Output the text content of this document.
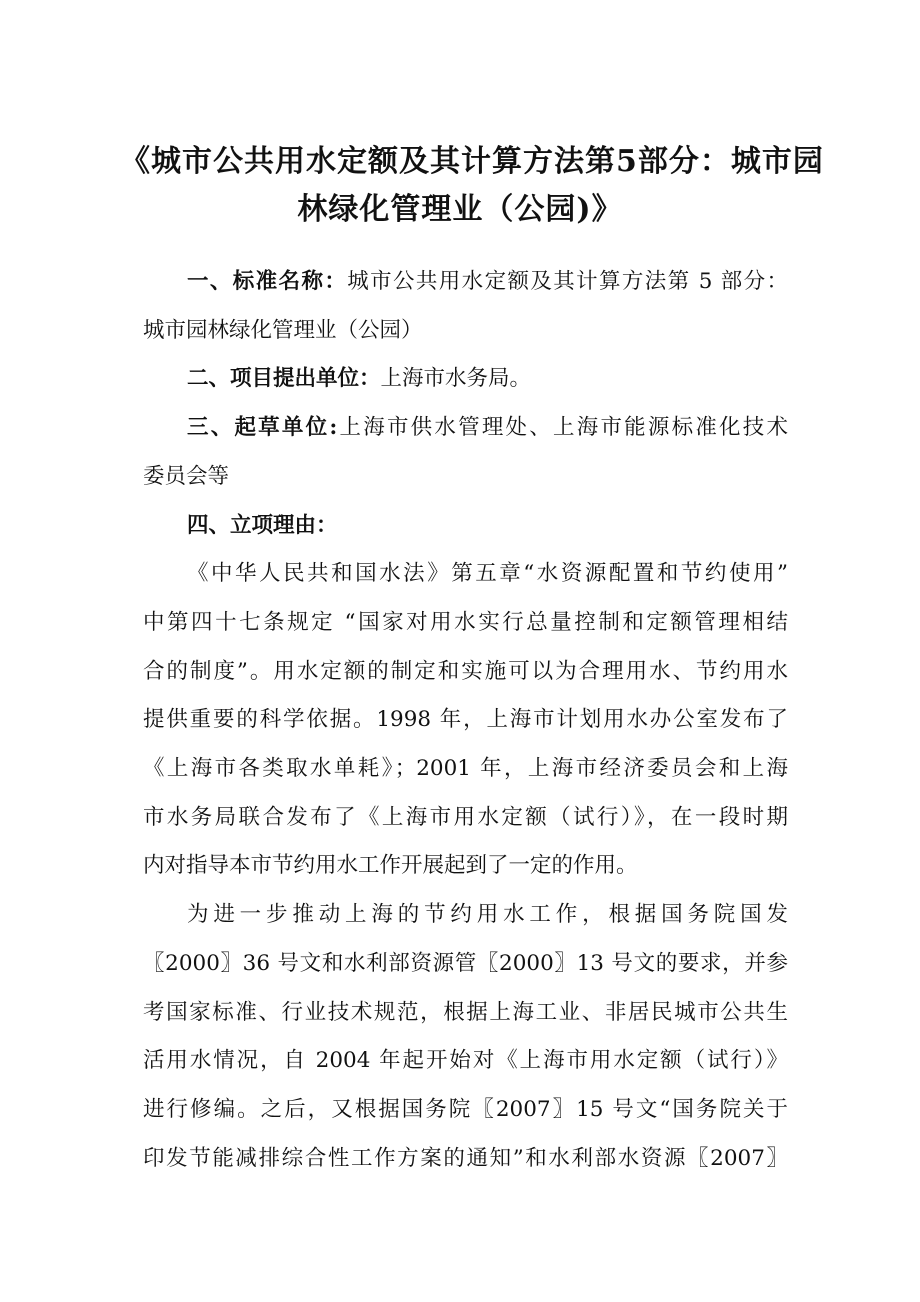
《城市公共用水定额及其计算方法第5部分：城市园
林绿化管理业（公园)》
一、标准名称：城市公共用水定额及其计算方法第 5 部分：
城市园林绿化管理业（公园）
二、项目提出单位：上海市水务局。
三、起草单位:上海市供水管理处、上海市能源标准化技术
委员会等
四、立项理由：
《中华人民共和国水法》第五章“水资源配置和节约使用”
中第四十七条规定 “国家对用水实行总量控制和定额管理相结
合的制度”。用水定额的制定和实施可以为合理用水、节约用水
提供重要的科学依据。1998 年，上海市计划用水办公室发布了
《上海市各类取水单耗》；2001 年，上海市经济委员会和上海
市水务局联合发布了《上海市用水定额（试行）》，在一段时期
内对指导本市节约用水工作开展起到了一定的作用。
为进一步推动上海的节约用水工作，根据国务院国发
〖2000〗36 号文和水利部资源管〖2000〗13 号文的要求，并参
考国家标准、行业技术规范，根据上海工业、非居民城市公共生
活用水情况，自 2004 年起开始对《上海市用水定额（试行）》
进行修编。之后，又根据国务院〖2007〗15 号文“国务院关于
印发节能减排综合性工作方案的通知”和水利部水资源〖2007〗
